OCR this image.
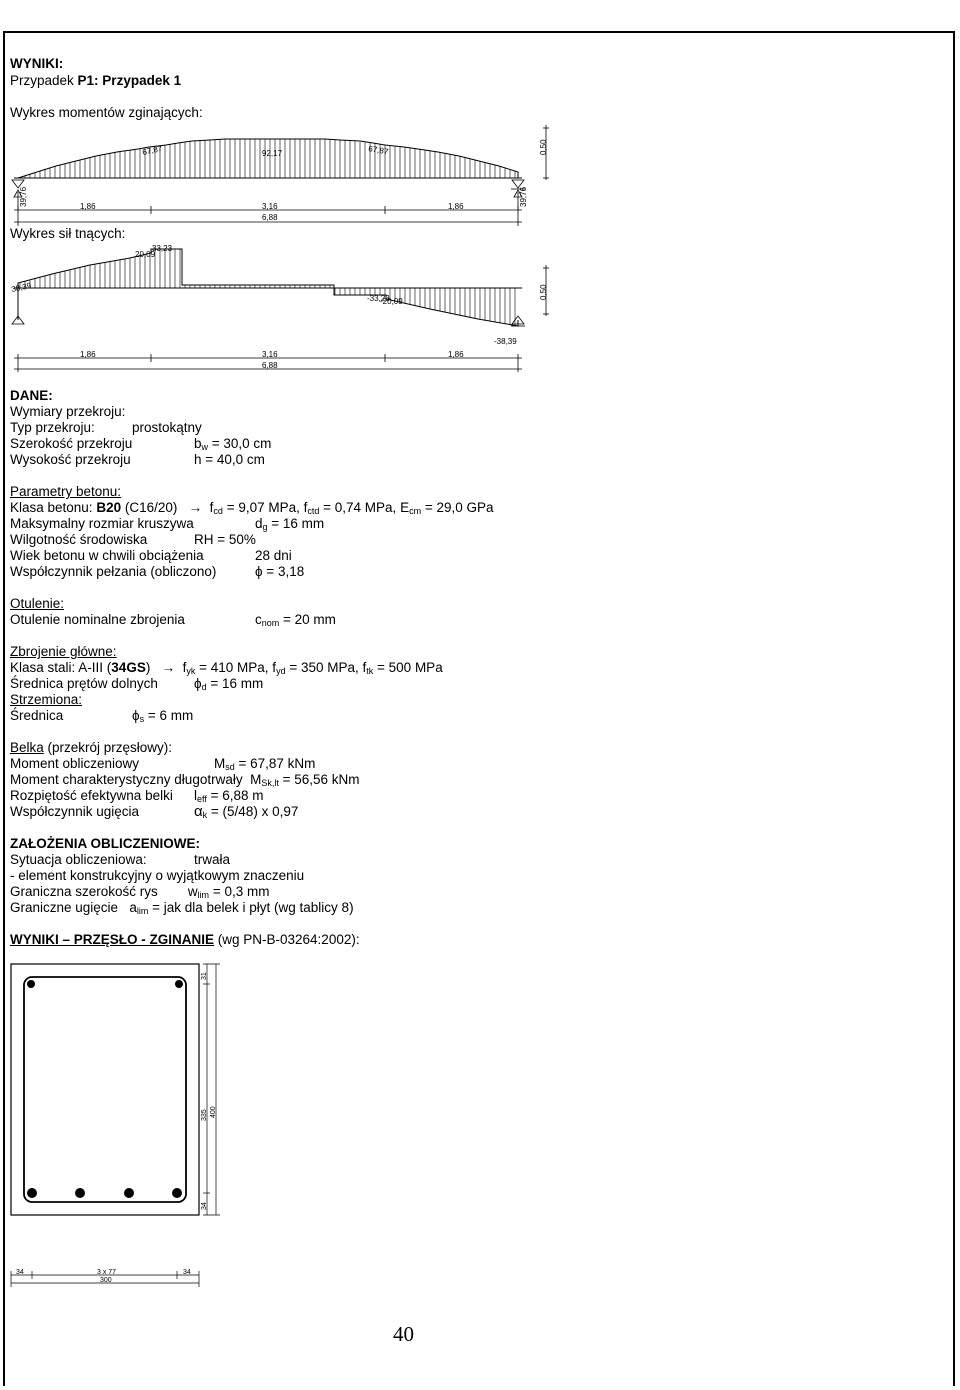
WYNIKI:
Przypadek P1: Przypadek 1
Wykres momentów zginających:
67,87	92,17	67,87	0,50
39,76	39,76
1,86	3,16	1,86
6,88
Wykres sił tnących:
20,09
33,23
-33,23
-20,09
38,39
-38,39
0,50
1,86	3,16	1,86
6,88
DANE:
Wymiary przekroju:
Typ przekroju:	prostokątny
Szerokość przekroju	$b_w = 30,0$ cm
Wysokość przekroju	h = 40,0 cm
Parametry betonu:
Klasa betonu: B20 $(C16/20) \to f_{cd} = 9,07$ MPa, $f_{ctd} = 0,74$ MPa, $E_{cm} = 29,0$ GPa
Maksymalny rozmiar kruszywa	$d_g = 16$ mm
Wilgotność środowiska	RH = 50%
Wiek betonu w chwili obciążenia	28 dni
Współczynnik pełzania (obliczono)	ϕ = 3,18
Otulenie:
Otulenie nominalne zbrojenia	$c_{nom} = 20$ mm
Zbrojenie główne:
Klasa stali: A-III $(34GS) \to f_{yk} = 410$ MPa, $f_{yd} = 350$ MPa, $f_{tk} = 500$ MPa
Średnica prętów dolnych	$\phi_d = 16$ mm
Strzemiona:
Średnica	$\phi_s = 6$ mm
Belka (przekrój przęsłowy):
Moment obliczeniowy	$M_{sd} = 67,87$ kNm
Moment charakterystyczny długotrwały $M_{Sk,lt} = 56,56$ kNm
Rozpiętość efektywna belki $l_{eff} = 6,88$ m
Współczynnik ugięcia	$\alpha_k = (5/48)$ x 0,97
ZAŁOŻENIA OBLICZENIOWE:
Sytuacja obliczeniowa:	trwała
- element konstrukcyjny o wyjątkowym znaczeniu
Graniczna szerokość rys $w_{lim} = 0,3$ mm
Graniczne ugięcie $a_{lim}$ = jak dla belek i płyt (wg tablicy 8)
WYNIKI – PRZĘSŁO - ZGINANIE (wg PN-B-03264:2002):
31
335 400
34
34	3 x 77	34
300
40
